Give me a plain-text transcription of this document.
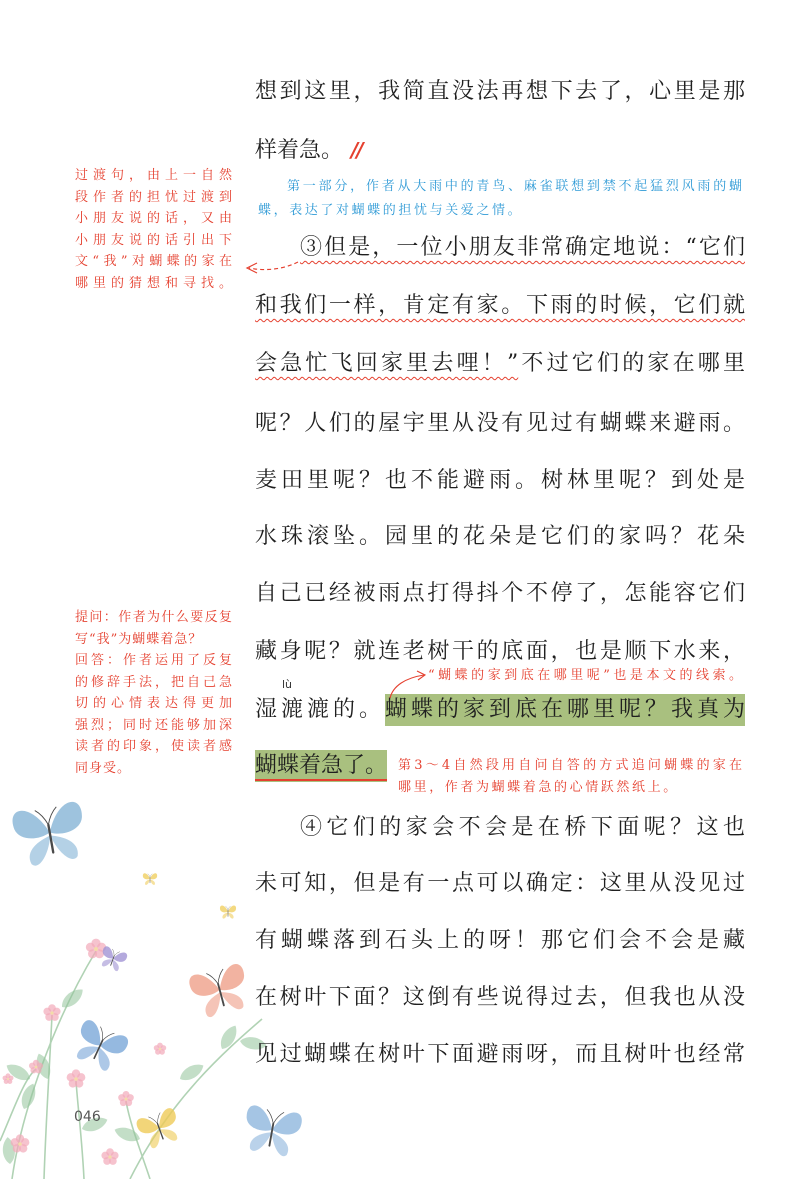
想到这里，我简直没法再想下去了，心里是那
样着急。 //
③但是，一位小朋友非常确定地说：“它们
和我们一样，肯定有家。下雨的时候，它们就
会急忙飞回家里去哩！”不过它们的家在哪里
呢？人们的屋宇里从没有见过有蝴蝶来避雨。
麦田里呢？也不能避雨。树林里呢？到处是
水珠滚坠。园里的花朵是它们的家吗？花朵
自己已经被雨点打得抖个不停了，怎能容它们
藏身呢？就连老树干的底面，也是顺下水来，
lù
湿漉漉的。蝴蝶的家到底在哪里呢？我真为
蝴蝶着急了。
④它们的家会不会是在桥下面呢？这也
未可知，但是有一点可以确定：这里从没见过
有蝴蝶落到石头上的呀！那它们会不会是藏
在树叶下面？这倒有些说得过去，但我也从没
见过蝴蝶在树叶下面避雨呀，而且树叶也经常
第一部分，作者从大雨中的青鸟、麻雀联想到禁不起猛烈风雨的蝴
蝶，表达了对蝴蝶的担忧与关爱之情。
过渡句，由上一自然
段作者的担忧过渡到
小朋友说的话，又由
小朋友说的话引出下
文“我”对蝴蝶的家在
哪里的猜想和寻找。
提问：作者为什么要反复
写“我”为蝴蝶着急？
回答：作者运用了反复
的修辞手法，把自己急
切的心情表达得更加
强烈；同时还能够加深
读者的印象，使读者感
同身受。
“蝴蝶的家到底在哪里呢”也是本文的线索。
第3～4自然段用自问自答的方式追问蝴蝶的家在
哪里，作者为蝴蝶着急的心情跃然纸上。
046
